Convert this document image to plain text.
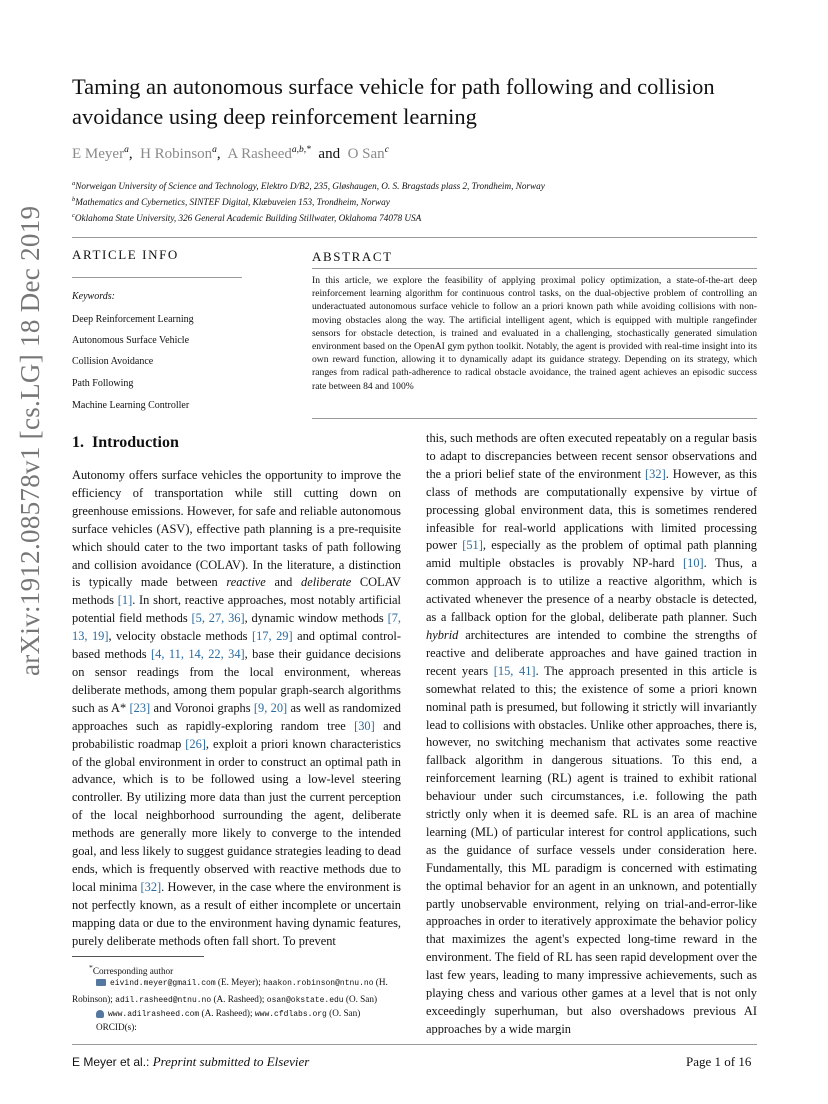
arXiv:1912.08578v1 [cs.LG] 18 Dec 2019
Taming an autonomous surface vehicle for path following and collision avoidance using deep reinforcement learning
E Meyer$^a$,  H Robinson$^a$,  A Rasheed$^{a,b,*}$ and O San$^c$
$^a$Norweigan University of Science and Technology, Elektro D/B2, 235, Gløshaugen, O. S. Bragstads plass 2, Trondheim, Norway
$^b$Mathematics and Cybernetics, SINTEF Digital, Klæbuveien 153, Trondheim, Norway
$^c$Oklahoma State University, 326 General Academic Building Stillwater, Oklahoma 74078 USA
ARTICLE INFO
Keywords:
Deep Reinforcement Learning
Autonomous Surface Vehicle
Collision Avoidance
Path Following
Machine Learning Controller
ABSTRACT
In this article, we explore the feasibility of applying proximal policy optimization, a state-of-the-art deep reinforcement learning algorithm for continuous control tasks, on the dual-objective problem of controlling an underactuated autonomous surface vehicle to follow an a priori known path while avoiding collisions with non-moving obstacles along the way. The artificial intelligent agent, which is equipped with multiple rangefinder sensors for obstacle detection, is trained and evaluated in a challenging, stochastically generated simulation environment based on the OpenAI gym python toolkit. Notably, the agent is provided with real-time insight into its own reward function, allowing it to dynamically adapt its guidance strategy. Depending on its strategy, which ranges from radical path-adherence to radical obstacle avoidance, the trained agent achieves an episodic success rate between 84 and 100%
1. Introduction
Autonomy offers surface vehicles the opportunity to improve the efficiency of transportation while still cutting down on greenhouse emissions. However, for safe and reliable autonomous surface vehicles (ASV), effective path planning is a pre-requisite which should cater to the two important tasks of path following and collision avoidance (COLAV). In the literature, a distinction is typically made between reactive and deliberate COLAV methods [1]. In short, reactive approaches, most notably artificial potential field methods [5, 27, 36], dynamic window methods [7, 13, 19], velocity obstacle methods [17, 29] and optimal control-based methods [4, 11, 14, 22, 34], base their guidance decisions on sensor readings from the local environment, whereas deliberate methods, among them popular graph-search algorithms such as A* [23] and Voronoi graphs [9, 20] as well as randomized approaches such as rapidly-exploring random tree [30] and probabilistic roadmap [26], exploit a priori known characteristics of the global environment in order to construct an optimal path in advance, which is to be followed using a low-level steering controller. By utilizing more data than just the current perception of the local neighborhood surrounding the agent, deliberate methods are generally more likely to converge to the intended goal, and less likely to suggest guidance strategies leading to dead ends, which is frequently observed with reactive methods due to local minima [32]. However, in the case where the environment is not perfectly known, as a result of either incomplete or uncertain mapping data or due to the environment having dynamic features, purely deliberate methods often fall short. To prevent
this, such methods are often executed repeatably on a regular basis to adapt to discrepancies between recent sensor observations and the a priori belief state of the environment [32]. However, as this class of methods are computationally expensive by virtue of processing global environment data, this is sometimes rendered infeasible for real-world applications with limited processing power [51], especially as the problem of optimal path planning amid multiple obstacles is provably NP-hard [10]. Thus, a common approach is to utilize a reactive algorithm, which is activated whenever the presence of a nearby obstacle is detected, as a fallback option for the global, deliberate path planner. Such hybrid architectures are intended to combine the strengths of reactive and deliberate approaches and have gained traction in recent years [15, 41]. The approach presented in this article is somewhat related to this; the existence of some a priori known nominal path is presumed, but following it strictly will invariantly lead to collisions with obstacles. Unlike other approaches, there is, however, no switching mechanism that activates some reactive fallback algorithm in dangerous situations. To this end, a reinforcement learning (RL) agent is trained to exhibit rational behaviour under such circumstances, i.e. following the path strictly only when it is deemed safe. RL is an area of machine learning (ML) of particular interest for control applications, such as the guidance of surface vessels under consideration here. Fundamentally, this ML paradigm is concerned with estimating the optimal behavior for an agent in an unknown, and potentially partly unobservable environment, relying on trial-and-error-like approaches in order to iteratively approximate the behavior policy that maximizes the agent's expected long-time reward in the environment. The field of RL has seen rapid development over the last few years, leading to many impressive achievements, such as playing chess and various other games at a level that is not only exceedingly superhuman, but also overshadows previous AI approaches by a wide margin
*Corresponding author
eivind.meyer@gmail.com (E. Meyer); haakon.robinson@ntnu.no (H. Robinson); adil.rasheed@ntnu.no (A. Rasheed); osan@okstate.edu (O. San)
www.adilrasheed.com (A. Rasheed); www.cfdlabs.org (O. San)
ORCID(s):
E Meyer et al.: Preprint submitted to Elsevier	Page 1 of 16
